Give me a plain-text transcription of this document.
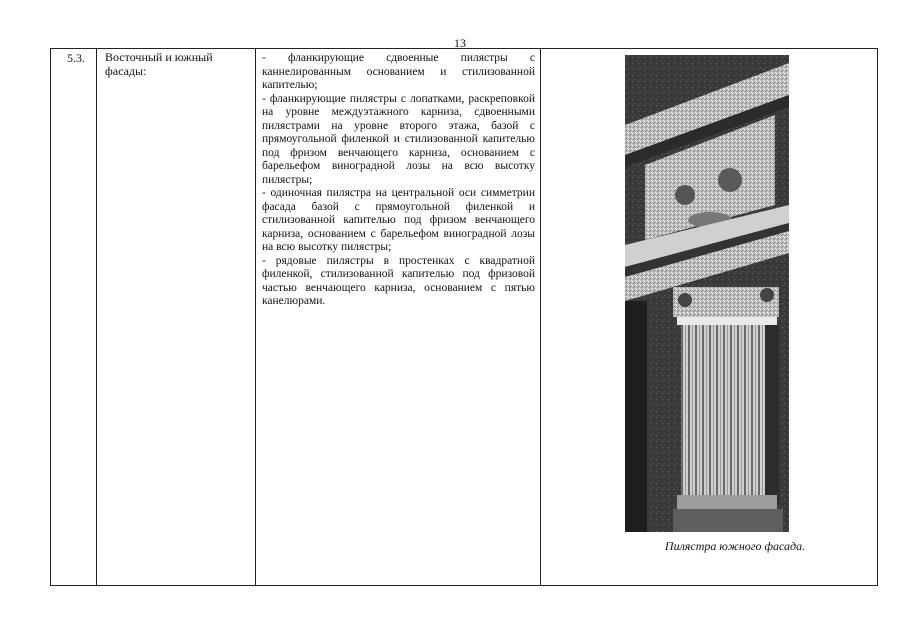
13
5.3. Восточный и южный фасады:

- фланкирующие сдвоенные пилястры с каннелированным основанием и стилизованной капителью;

- фланкирующие пилястры с лопатками, раскреповкой на уровне междуэтажного карниза, сдвоенными пилястрами на уровне второго этажа, базой с прямоугольной филенкой и стилизованной капителью под фризом венчающего карниза, основанием с барельефом виноградной лозы на всю высотку пилястры;

- одиночная пилястра на центральной оси симметрии фасада базой с прямоугольной филенкой и стилизованной капителью под фризом венчающего карниза, основанием с барельефом виноградной лозы на всю высотку пилястры;

- рядовые пилястры в простенках с квадратной филенкой, стилизованной капителью под фризовой частью венчающего карниза, основанием с пятью канелюрами.

Пилястра южного фасада.
